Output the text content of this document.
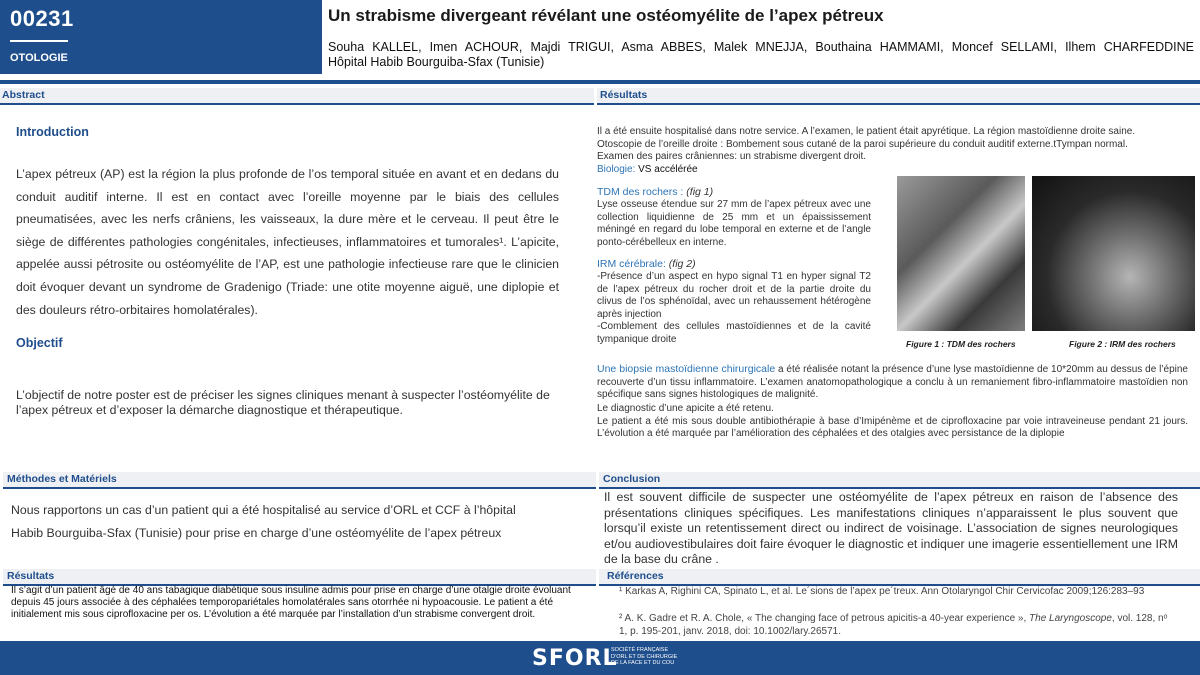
00231
OTOLOGIE
Un strabisme divergeant révélant une ostéomyélite de l’apex pétreux
Souha KALLEL, Imen ACHOUR, Majdi TRIGUI, Asma ABBES, Malek MNEJJA, Bouthaina HAMMAMI, Moncef SELLAMI, Ilhem CHARFEDDINE
Hôpital Habib Bourguiba-Sfax (Tunisie)
Abstract
Introduction
L’apex pétreux (AP) est la région la plus profonde de l’os temporal située en avant et en dedans du conduit auditif interne. Il est en contact avec l’oreille moyenne par le biais des cellules pneumatisées, avec les nerfs crâniens, les vaisseaux, la dure mère et le cerveau. Il peut être le siège de différentes pathologies congénitales, infectieuses, inflammatoires et tumorales¹. L’apicite, appelée aussi pétrosite ou ostéomyélite de l’AP, est une pathologie infectieuse rare que le clinicien doit évoquer devant un syndrome de Gradenigo (Triade: une otite moyenne aiguë, une diplopie et des douleurs rétro-orbitaires homolatérales).
Objectif
L’objectif de notre poster est de préciser les signes cliniques menant à suspecter l’ostéomyélite de l’apex pétreux et d’exposer la démarche diagnostique et thérapeutique.
Résultats
Il a été ensuite hospitalisé dans notre service. A l’examen, le patient était apyrétique. La région mastoïdienne droite saine.
Otoscopie de l’oreille droite : Bombement sous cutané de la paroi supérieure du conduit auditif externe.tTympan normal.
Examen des paires crâniennes: un strabisme divergent droit.
Biologie: VS accélérée
TDM des rochers : (fig 1)
Lyse osseuse étendue sur 27 mm de l’apex pétreux avec une collection liquidienne de 25 mm et un épaississement méningé en regard du lobe temporal en externe et de l’angle ponto-cérébelleux en interne.
IRM cérébrale: (fig 2)
-Présence d’un aspect en hypo signal T1 en hyper signal T2 de l’apex pétreux du rocher droit et de la partie droite du clivus de l’os sphénoïdal, avec un rehaussement hétérogène après injection
-Comblement des cellules mastoïdiennes et de la cavité tympanique droite	Figure 1 : TDM des rochers	Figure 2 : IRM des rochers
Une biopsie mastoïdienne chirurgicale a été réalisée notant la présence d’une lyse mastoïdienne de 10*20mm au dessus de l’épine recouverte d’un tissu inflammatoire. L’examen anatomopathologique a conclu à un remaniement fibro-inflammatoire mastoïdien non spécifique sans signes histologiques de malignité.
Le diagnostic d’une apicite a été retenu.
Le patient a été mis sous double antibiothérapie à base d’Imipénème et de ciprofloxacine par voie intraveineuse pendant 21 jours. L’évolution a été marquée par l’amélioration des céphalées et des otalgies avec persistance de la diplopie
Méthodes et Matériels
Nous rapportons un cas d’un patient qui a été hospitalisé au service d’ORL et CCF à l’hôpital
Habib Bourguiba-Sfax (Tunisie) pour prise en charge d’une ostéomyélite de l’apex pétreux
Conclusion
Il est souvent difficile de suspecter une ostéomyélite de l’apex pétreux en raison de l’absence des présentations cliniques spécifiques. Les manifestations cliniques n’apparaissent le plus souvent que lorsqu’il existe un retentissement direct ou indirect de voisinage. L’association de signes neurologiques et/ou audiovestibulaires doit faire évoquer le diagnostic et indiquer une imagerie essentiellement une IRM de la base du crâne .
Résultats
Il s’agit d’un patient âgé de 40 ans tabagique diabétique sous insuline admis pour prise en charge d’une otalgie droite évoluant depuis 45 jours associée à des céphalées temporopariétales homolatérales sans otorrhée ni hypoacousie. Le patient a été initialement mis sous ciprofloxacine per os. L’évolution a été marquée par l’installation d’un strabisme convergent droit.
Références
¹ Karkas A, Righini CA, Spinato L, et al. Le´sions de l’apex pe´treux. Ann Otolaryngol Chir Cervicofac 2009;126:283–93
² A. K. Gadre et R. A. Chole, « The changing face of petrous apicitis-a 40-year experience », The Laryngoscope, vol. 128, nᵒ 1, p. 195‑201, janv. 2018, doi: 10.1002/lary.26571.
SFORL
SOCIÉTÉ FRANÇAISE D’ORL ET DE CHIRURGIE DE LA FACE ET DU COU
